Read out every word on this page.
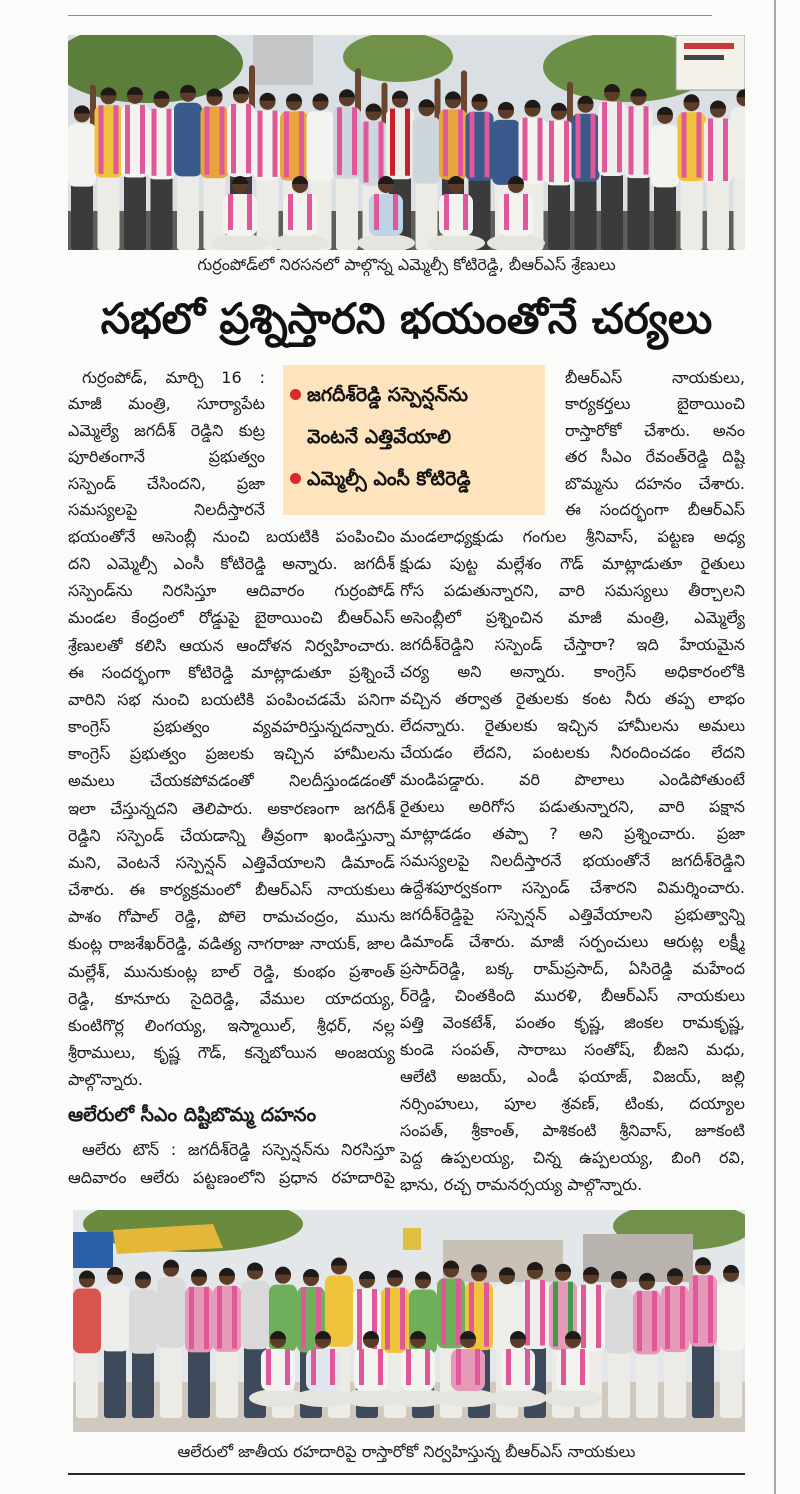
గుర్రంపోడ్‌లో నిరసనలో పాల్గొన్న ఎమ్మెల్సీ కోటిరెడ్డి, బీఆర్ఎస్ శ్రేణులు
సభలో ప్రశ్నిస్తారని భయంతోనే చర్యలు
జగదీశ్‌రెడ్డి సస్పెన్షన్‌ను
వెంటనే ఎత్తివేయాలి
ఎమ్మెల్సీ ఎంసీ కోటిరెడ్డి
గుర్రంపోడ్, మార్చి 16 :
మాజీ మంత్రి, సూర్యాపేట
ఎమ్మెల్యే జగదీశ్ రెడ్డిని కుట్ర
పూరితంగానే ప్రభుత్వం
సస్పెండ్ చేసిందని, ప్రజా
సమస్యలపై నిలదీస్తారనే
భయంతోనే అసెంబ్లీ నుంచి బయటికి పంపించిం
దని ఎమ్మెల్సీ ఎంసీ కోటిరెడ్డి అన్నారు. జగదీశ్
సస్పెండ్‌ను నిరసిస్తూ ఆదివారం గుర్రంపోడ్
మండల కేంద్రంలో రోడ్డుపై బైఠాయించి బీఆర్ఎస్
శ్రేణులతో కలిసి ఆయన ఆందోళన నిర్వహించారు.
ఈ సందర్భంగా కోటిరెడ్డి మాట్లాడుతూ ప్రశ్నించే
వారిని సభ నుంచి బయటికి పంపించడమే పనిగా
కాంగ్రెస్ ప్రభుత్వం వ్యవహరిస్తున్నదన్నారు.
కాంగ్రెస్ ప్రభుత్వం ప్రజలకు ఇచ్చిన హామీలను
అమలు చేయకపోవడంతో నిలదీస్తుండడంతో
ఇలా చేస్తున్నదని తెలిపారు. అకారణంగా జగదీశ్
రెడ్డిని సస్పెండ్ చేయడాన్ని తీవ్రంగా ఖండిస్తున్నా
మని, వెంటనే సస్పెన్షన్ ఎత్తివేయాలని డిమాండ్
చేశారు. ఈ కార్యక్రమంలో బీఆర్ఎస్ నాయకులు
పాశం గోపాల్ రెడ్డి, పోలె రామచంద్రం, మును
కుంట్ల రాజశేఖర్‌రెడ్డి, వడిత్య నాగరాజు నాయక్, జాల
మల్లేశ్, మునుకుంట్ల బాల్ రెడ్డి, కుంభం ప్రశాంత్
రెడ్డి, కూనూరు సైదిరెడ్డి, వేముల యాదయ్య,
కుంటిగొర్ల లింగయ్య, ఇస్మాయిల్, శ్రీధర్, నల్ల
శ్రీరాములు, కృష్ణ గౌడ్, కన్నెబోయిన అంజయ్య
పాల్గొన్నారు.
ఆలేరులో సీఎం దిష్టిబొమ్మ దహనం
ఆలేరు టౌన్ : జగదీశ్‌రెడ్డి సస్పెన్షన్‌ను నిరసిస్తూ
ఆదివారం ఆలేరు పట్టణంలోని ప్రధాన రహదారిపై
బీఆర్ఎస్ నాయకులు,
కార్యకర్తలు బైఠాయించి
రాస్తారోకో చేశారు. అనం
తర సీఎం రేవంత్‌రెడ్డి దిష్టి
బొమ్మను దహనం చేశారు.
ఈ సందర్భంగా బీఆర్ఎస్
మండలాధ్యక్షుడు గంగుల శ్రీనివాస్, పట్టణ అధ్య
క్షుడు పుట్ట మల్లేశం గౌడ్ మాట్లాడుతూ రైతులు
గోస పడుతున్నారని, వారి సమస్యలు తీర్చాలని
అసెంబ్లీలో ప్రశ్నించిన మాజీ మంత్రి, ఎమ్మెల్యే
జగదీశ్‌రెడ్డిని సస్పెండ్ చేస్తారా? ఇది హేయమైన
చర్య అని అన్నారు. కాంగ్రెస్ అధికారంలోకి
వచ్చిన తర్వాత రైతులకు కంట నీరు తప్ప లాభం
లేదన్నారు. రైతులకు ఇచ్చిన హామీలను అమలు
చేయడం లేదని, పంటలకు నీరందించడం లేదని
మండిపడ్డారు. వరి పొలాలు ఎండిపోతుంటే
రైతులు అరిగోస పడుతున్నారని, వారి పక్షాన
మాట్లాడడం తప్పా ? అని ప్రశ్నించారు. ప్రజా
సమస్యలపై నిలదీస్తారనే భయంతోనే జగదీశ్‌రెడ్డిని
ఉద్దేశపూర్వకంగా సస్పెండ్ చేశారని విమర్శించారు.
జగదీశ్‌రెడ్డిపై సస్పెన్షన్ ఎత్తివేయాలని ప్రభుత్వాన్ని
డిమాండ్ చేశారు. మాజీ సర్పంచులు ఆరుట్ల లక్ష్మీ
ప్రసాద్‌రెడ్డి, బక్క రామ్‌ప్రసాద్, ఏసిరెడ్డి మహేంద
ర్‌రెడ్డి, చింతకింది మురళి, బీఆర్ఎస్ నాయకులు
పత్తి వెంకటేశ్, పంతం కృష్ణ, జింకల రామకృష్ణ,
కుండె సంపత్, సారాబు సంతోష్, బీజని మధు,
ఆలేటి అజయ్, ఎండీ ఫయాజ్, విజయ్, జల్లి
నర్సింహులు, పూల శ్రవణ్, టింకు, దయ్యాల
సంపత్, శ్రీకాంత్, పాశికంటి శ్రీనివాస్, జూకంటి
పెద్ద ఉప్పలయ్య, చిన్న ఉప్పలయ్య, బింగి రవి,
భాను, రచ్చ రామనర్సయ్య పాల్గొన్నారు.
ఆలేరులో జాతీయ రహదారిపై రాస్తారోకో నిర్వహిస్తున్న బీఆర్ఎస్ నాయకులు
